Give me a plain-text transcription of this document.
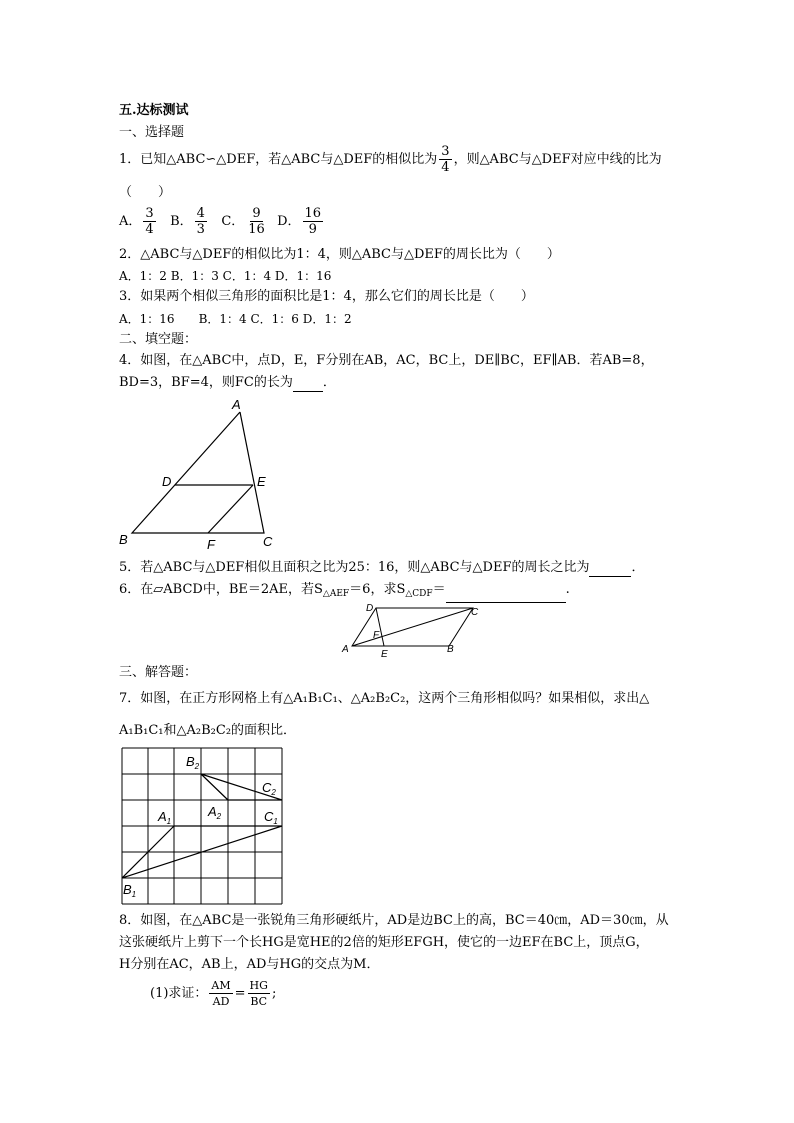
五.达标测试
一、选择题
1．已知△ABC∽△DEF，若△ABC与△DEF的相似比为 $\frac{3}{4}$ ，则△ABC与△DEF对应中线的比为
（　　）
A． $\frac{3}{4}$ B． $\frac{4}{3}$ C． $\frac{9}{16}$ D． $\frac{16}{9}$
2．△ABC与△DEF的相似比为1：4，则△ABC与△DEF的周长比为（　　）
A．1：2 B．1：3 C．1：4 D．1：16
3．如果两个相似三角形的面积比是1：4，那么它们的周长比是（　　）
A．1：16　　B．1：4 C．1：6 D．1：2
二、填空题：
4．如图，在△ABC中，点D，E，F分别在AB，AC，BC上，DE∥BC，EF∥AB．若AB=8，
BD=3，BF=4，则FC的长为 ．
A
B	C
D	E
F
5．若△ABC与△DEF相似且面积之比为25：16，则△ABC与△DEF的周长之比为	．
6．在▱ABCD中，BE＝2AE，若$S_{\triangle AEF}=6$，求$S_{\triangle CDF}=$	.
A	B
C
D
E
F
三、解答题：
7．如图，在正方形网格上有△A₁B₁C₁、△A₂B₂C₂，这两个三角形相似吗？如果相似，求出△
A₁B₁C₁和△A₂B₂C₂的面积比．
$B_2$
$C_2$
$A_2$
$A_1$	$C_1$
$B_1$
8．如图，在△ABC是一张锐角三角形硬纸片，AD是边BC上的高，BC＝40㎝，AD＝30㎝，从
这张硬纸片上剪下一个长HG是宽HE的2倍的矩形EFGH，使它的一边EF在BC上，顶点G，
H分别在AC，AB上，AD与HG的交点为M．
(1)求证： $\frac{AM}{AD} = \frac{HG}{BC}$ ;
